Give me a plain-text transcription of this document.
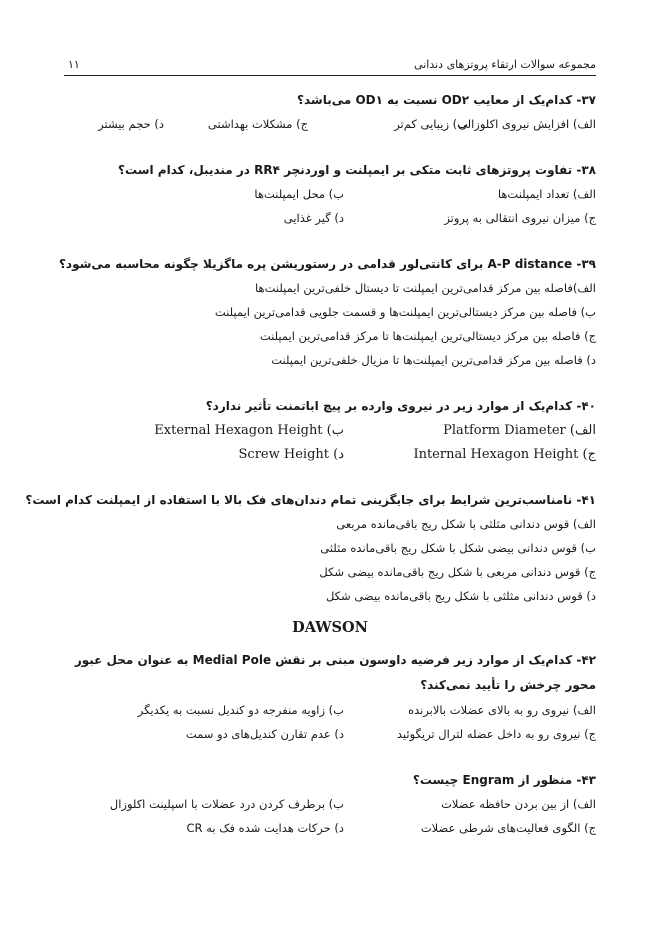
مجموعه سوالات ارتقاء پروتزهای دندانی
۱۱
۳۷- کدام‌یک از معایب OD۲ نسبت به OD۱ می‌باشد؟
الف) افزایش نیروی اکلوزالی
ب) زیبایی کم‌تر
ج) مشکلات بهداشتی
د) حجم بیشتر
۳۸- تفاوت پروتزهای ثابت متکی بر ایمپلنت و اوردنچر RR۴ در مندیبل، کدام است؟
الف) تعداد ایمپلنت‌ها
ب) محل ایمپلنت‌ها
ج) میزان نیروی انتقالی به پروتز
د) گیر غذایی
۳۹- A-P distance برای کانتی‌لور قدامی در رستوریشن پره ماگزیلا چگونه محاسبه می‌شود؟
الف)فاصله بین مرکز قدامی‌ترین ایمپلنت تا دیستال خلفی‌ترین ایمپلنت‌ها
ب) فاصله بین مرکز دیستالی‌ترین ایمپلنت‌ها و قسمت جلویی قدامی‌ترین ایمپلنت
ج) فاصله بین مرکز دیستالی‌ترین ایمپلنت‌ها تا مرکز قدامی‌ترین ایمپلنت
د) فاصله بین مرکز قدامی‌ترین ایمپلنت‌ها تا مزیال خلفی‌ترین ایمپلنت
۴۰- کدام‌یک از موارد زیر در نیروی وارده بر پیچ اباتمنت تأثیر ندارد؟
الف) Platform Diameter
ب) External Hexagon Height
ج) Internal Hexagon Height
د) Screw Height
۴۱- نامناسب‌ترین شرایط برای جایگزینی تمام دندان‌های فک بالا با استفاده از ایمپلنت کدام است؟
الف) قوس دندانی مثلثی با شکل ریج باقی‌مانده مربعی
ب) قوس دندانی بیضی شکل با شکل ریج باقی‌مانده مثلثی
ج) قوس دندانی مربعی با شکل ریج باقی‌مانده بیضی شکل
د) قوس دندانی مثلثی با شکل ریج باقی‌مانده بیضی شکل
DAWSON
۴۲- کدام‌یک از موارد زیر فرضیه داوسون مبنی بر نقش Medial Pole به عنوان محل عبور محور چرخش را تأیید نمی‌کند؟
الف) نیروی رو به بالای عضلات بالابرنده
ب) زاویه منفرجه دو کندیل نسبت به یکدیگر
ج) نیروی رو به داخل عضله لترال تریگوئید
د) عدم تقارن کندیل‌های دو سمت
۴۳- منظور از Engram چیست؟
الف) از بین بردن حافظه عضلات
ب) برطرف کردن درد عضلات با اسپلینت اکلوزال
ج) الگوی فعالیت‌های شرطی عضلات
د) حرکات هدایت شده فک به CR
